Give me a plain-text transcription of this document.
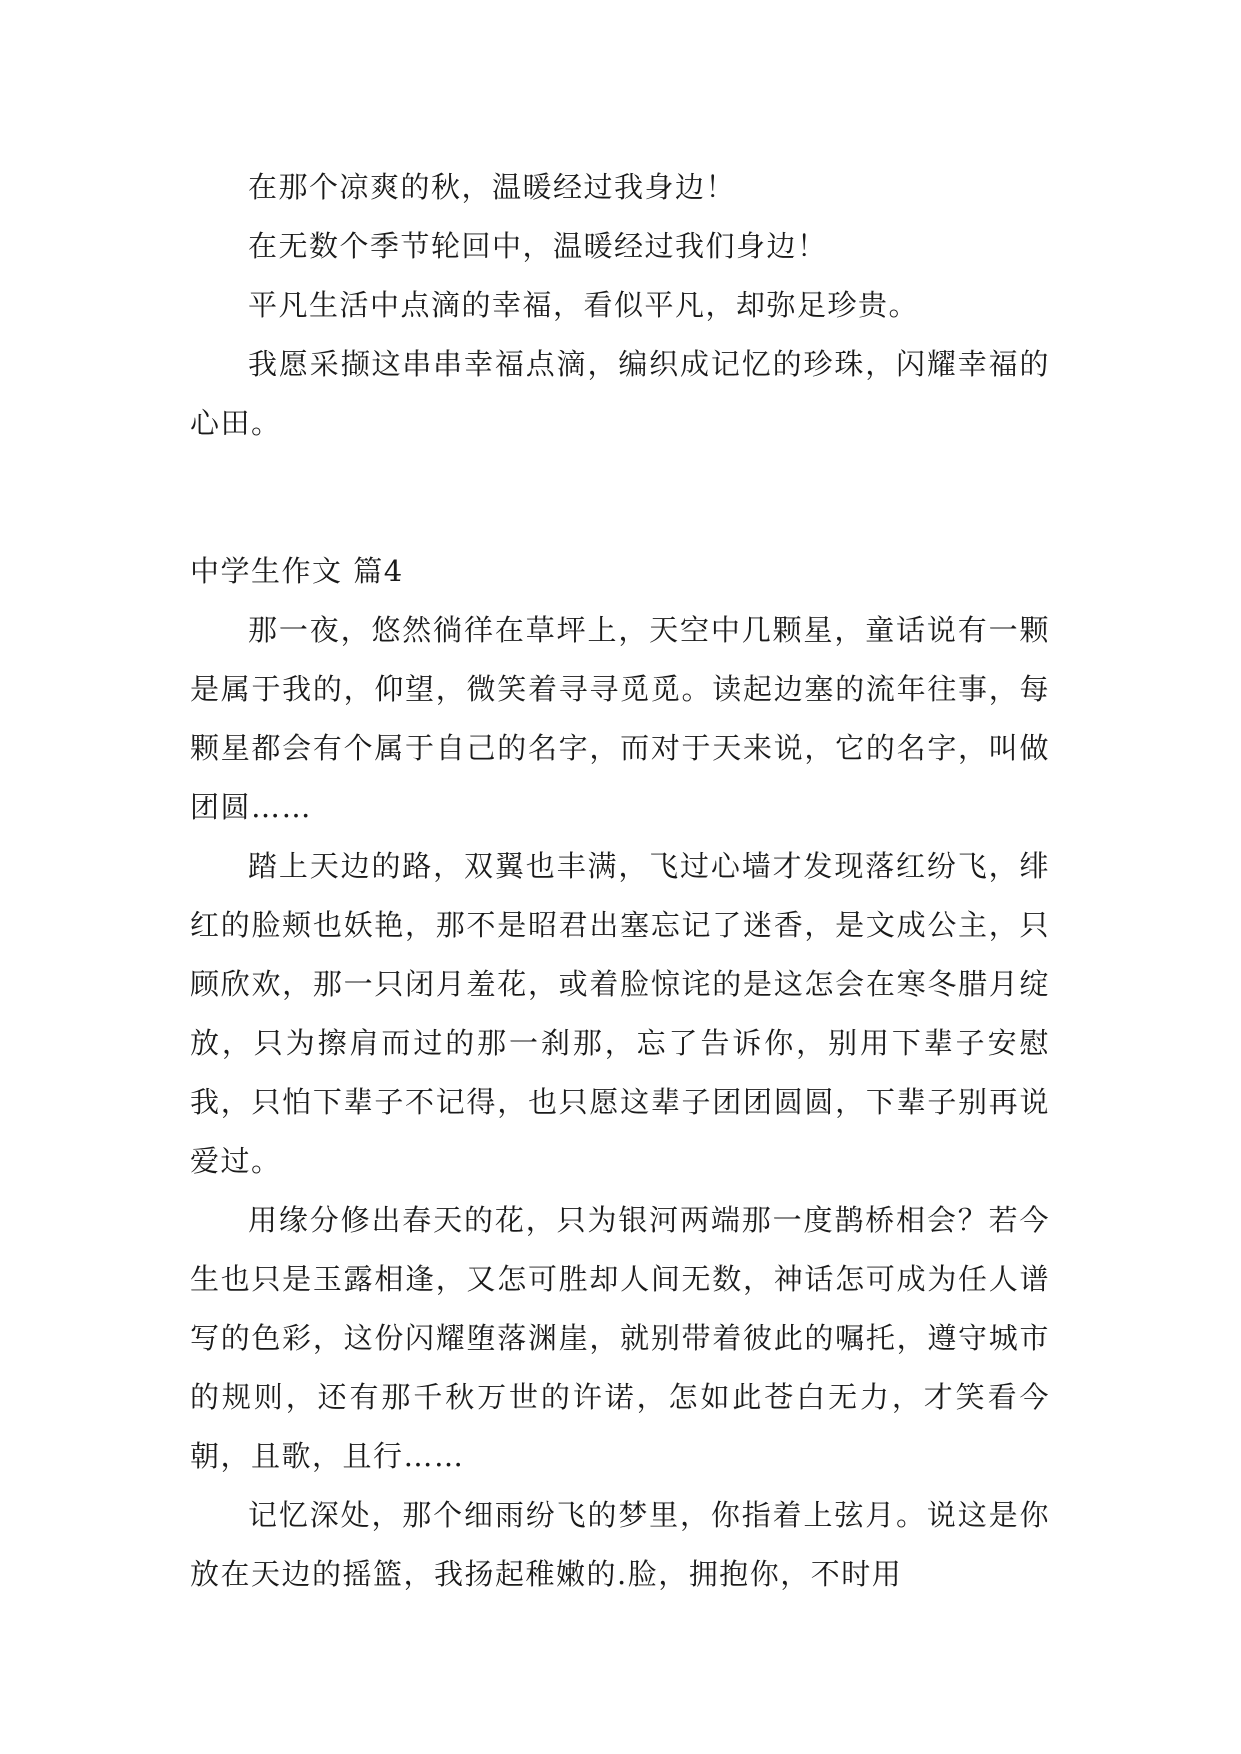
在那个凉爽的秋，温暖经过我身边！

在无数个季节轮回中，温暖经过我们身边！

平凡生活中点滴的幸福，看似平凡，却弥足珍贵。

我愿采撷这串串幸福点滴，编织成记忆的珍珠，闪耀幸福的心田。

中学生作文 篇4

那一夜，悠然徜徉在草坪上，天空中几颗星，童话说有一颗是属于我的，仰望，微笑着寻寻觅觅。读起边塞的流年往事，每颗星都会有个属于自己的名字，而对于天来说，它的名字，叫做团圆……

踏上天边的路，双翼也丰满，飞过心墙才发现落红纷飞，绯红的脸颊也妖艳，那不是昭君出塞忘记了迷香，是文成公主，只顾欣欢，那一只闭月羞花，或着脸惊诧的是这怎会在寒冬腊月绽放，只为擦肩而过的那一刹那，忘了告诉你，别用下辈子安慰我，只怕下辈子不记得，也只愿这辈子团团圆圆，下辈子别再说爱过。

用缘分修出春天的花，只为银河两端那一度鹊桥相会？若今生也只是玉露相逢，又怎可胜却人间无数，神话怎可成为任人谱写的色彩，这份闪耀堕落渊崖，就别带着彼此的嘱托，遵守城市的规则，还有那千秋万世的许诺，怎如此苍白无力，才笑看今朝，且歌，且行……

记忆深处，那个细雨纷飞的梦里，你指着上弦月。说这是你放在天边的摇篮，我扬起稚嫩的.脸，拥抱你，不时用
